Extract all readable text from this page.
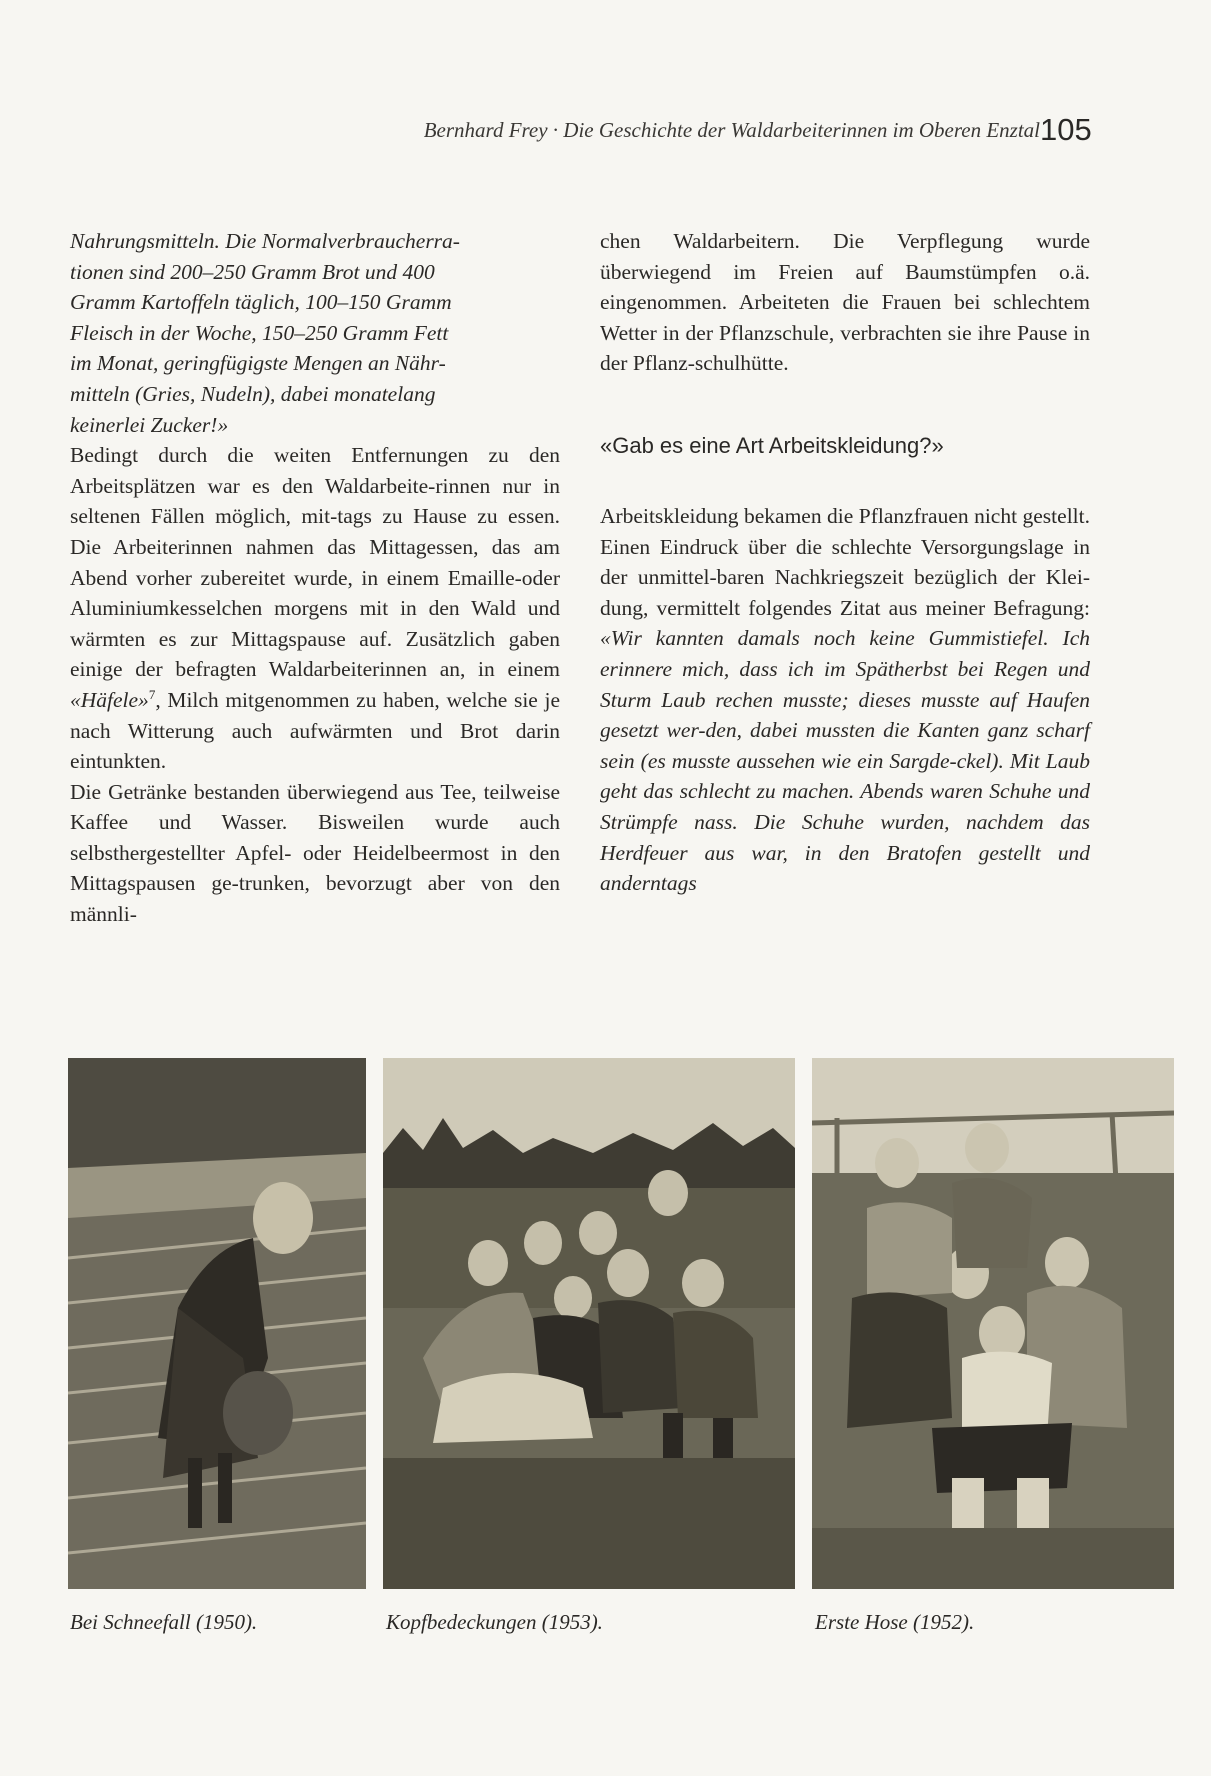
Bernhard Frey · Die Geschichte der Waldarbeiterinnen im Oberen Enztal 105

Nahrungsmitteln. Die Normalverbraucherra-
tionen sind 200–250 Gramm Brot und 400
Gramm Kartoffeln täglich, 100–150 Gramm
Fleisch in der Woche, 150–250 Gramm Fett
im Monat, geringfügigste Mengen an Nähr-
mitteln (Gries, Nudeln), dabei monatelang
keinerlei Zucker!»

Bedingt durch die weiten Entfernungen zu den Arbeitsplätzen war es den Waldarbeite-rinnen nur in seltenen Fällen möglich, mit-tags zu Hause zu essen. Die Arbeiterinnen nahmen das Mittagessen, das am Abend vorher zubereitet wurde, in einem Emaille-oder Aluminiumkesselchen morgens mit in den Wald und wärmten es zur Mittagspause auf. Zusätzlich gaben einige der befragten Waldarbeiterinnen an, in einem «Häfele»$^7$, Milch mitgenommen zu haben, welche sie je nach Witterung auch aufwärmten und Brot darin eintunkten.

Die Getränke bestanden überwiegend aus Tee, teilweise Kaffee und Wasser. Bisweilen wurde auch selbsthergestellter Apfel- oder Heidelbeermost in den Mittagspausen ge-trunken, bevorzugt aber von den männli-

chen Waldarbeitern. Die Verpflegung wurde überwiegend im Freien auf Baumstümpfen o.ä. eingenommen. Arbeiteten die Frauen bei schlechtem Wetter in der Pflanzschule, verbrachten sie ihre Pause in der Pflanz-schulhütte.

«Gab es eine Art Arbeitskleidung?»

Arbeitskleidung bekamen die Pflanzfrauen nicht gestellt. Einen Eindruck über die schlechte Versorgungslage in der unmittel-baren Nachkriegszeit bezüglich der Klei-dung, vermittelt folgendes Zitat aus meiner Befragung: «Wir kannten damals noch keine Gummistiefel. Ich erinnere mich, dass ich im Spätherbst bei Regen und Sturm Laub rechen musste; dieses musste auf Haufen gesetzt wer-den, dabei mussten die Kanten ganz scharf sein (es musste aussehen wie ein Sargde-ckel). Mit Laub geht das schlecht zu machen. Abends waren Schuhe und Strümpfe nass. Die Schuhe wurden, nachdem das Herdfeuer aus war, in den Bratofen gestellt und anderntags

Bei Schneefall (1950).	Kopfbedeckungen (1953).	Erste Hose (1952).
